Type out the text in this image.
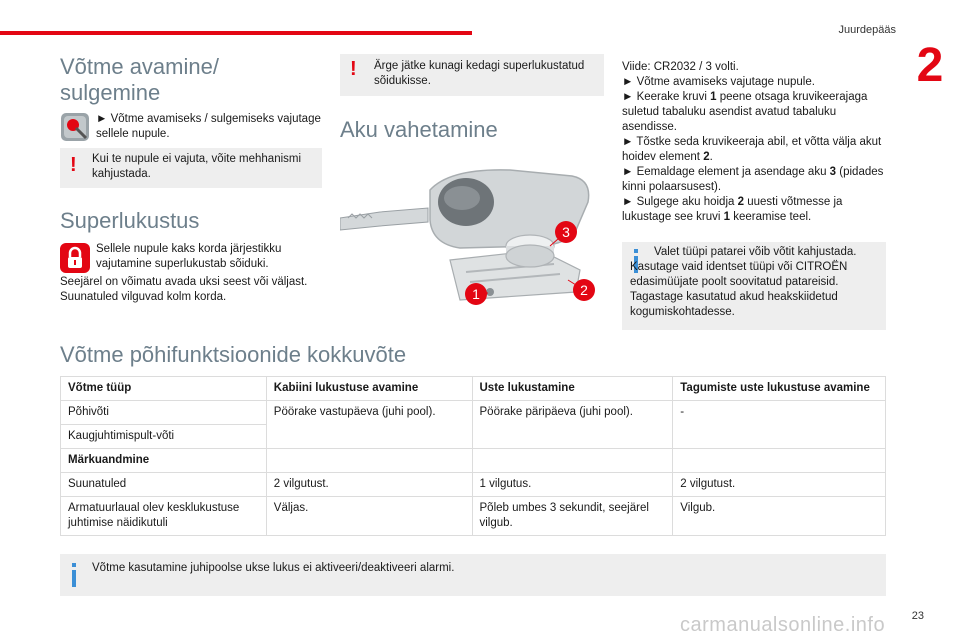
Juurdepääs
2
Võtme avamine/ sulgemine
► Võtme avamiseks / sulgemiseks vajutage sellele nupule.
! Kui te nupule ei vajuta, võite mehhanismi kahjustada.
Superlukustus
Sellele nupule kaks korda järjestikku vajutamine superlukustab sõiduki.
Seejärel on võimatu avada uksi seest või väljast.
Suunatuled vilguvad kolm korda.
! Ärge jätke kunagi kedagi superlukustatud sõidukisse.
Aku vahetamine
1	2
3
Viide: CR2032 / 3 volti.
► Võtme avamiseks vajutage nupule.
► Keerake kruvi 1 peene otsaga kruvikeerajaga suletud tabaluku asendist avatud tabaluku asendisse.
► Tõstke seda kruvikeeraja abil, et võtta välja akut hoidev element 2.
► Eemaldage element ja asendage aku 3 (pidades kinni polaarsusest).
► Sulgege aku hoidja 2 uuesti võtmesse ja lukustage see kruvi 1 keeramise teel.
Valet tüüpi patarei võib võtit kahjustada. Kasutage vaid identset tüüpi või CITROËN edasimüüjate poolt soovitatud patareisid. Tagastage kasutatud akud heakskiidetud kogumiskohtadesse.
Võtme põhifunktsioonide kokkuvõte
Võtme tüüp	Kabiini lukustuse avamine	Uste lukustamine	Tagumiste uste lukustuse avamine
Põhivõti	Pöörake vastupäeva (juhi pool).	Pöörake päripäeva (juhi pool).	-
Kaugjuhtimispult-võti			
Märkuandmine			
Suunatuled	2 vilgutust.	1 vilgutus.	2 vilgutust.
Armatuurlaual olev kesklukustuse juhtimise näidikutuli	Väljas.	Põleb umbes 3 sekundit, seejärel vilgub.	Vilgub.
Võtme kasutamine juhipoolse ukse lukus ei aktiveeri/deaktiveeri alarmi.
carmanualsonline.info 23
